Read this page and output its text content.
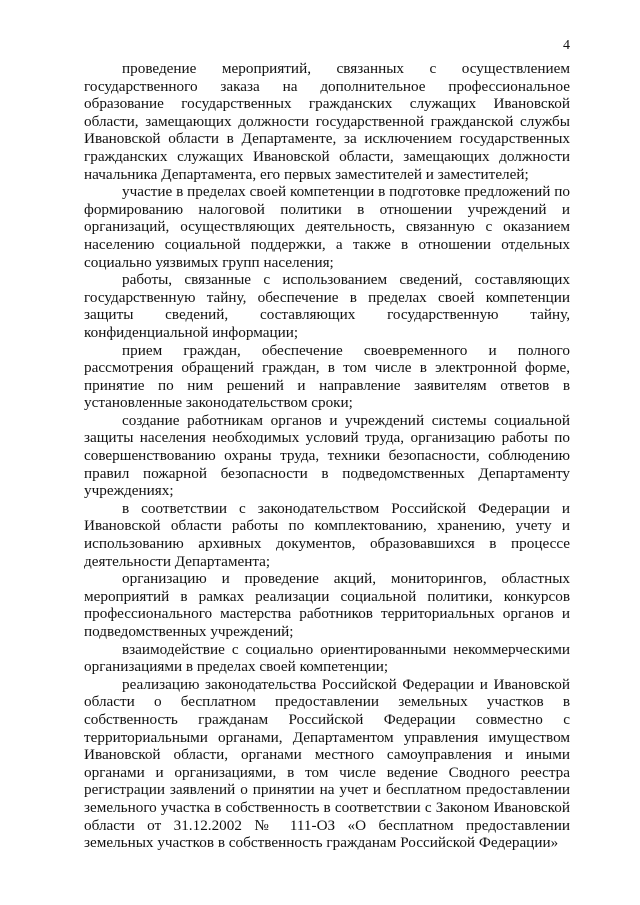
4

проведение мероприятий, связанных с осуществлением государственного заказа на дополнительное профессиональное образование государственных гражданских служащих Ивановской области, замещающих должности государственной гражданской службы Ивановской области в Департаменте, за исключением государственных гражданских служащих Ивановской области, замещающих должности начальника Департамента, его первых заместителей и заместителей;

участие в пределах своей компетенции в подготовке предложений по формированию налоговой политики в отношении учреждений и организаций, осуществляющих деятельность, связанную с оказанием населению социальной поддержки, а также в отношении отдельных социально уязвимых групп населения;

работы, связанные с использованием сведений, составляющих государственную тайну, обеспечение в пределах своей компетенции защиты сведений, составляющих государственную тайну, конфиденциальной информации;

прием граждан, обеспечение своевременного и полного рассмотрения обращений граждан, в том числе в электронной форме, принятие по ним решений и направление заявителям ответов в установленные законодательством сроки;

создание работникам органов и учреждений системы социальной защиты населения необходимых условий труда, организацию работы по совершенствованию охраны труда, техники безопасности, соблюдению правил пожарной безопасности в подведомственных Департаменту учреждениях;

в соответствии с законодательством Российской Федерации и Ивановской области работы по комплектованию, хранению, учету и использованию архивных документов, образовавшихся в процессе деятельности Департамента;

организацию и проведение акций, мониторингов, областных мероприятий в рамках реализации социальной политики, конкурсов профессионального мастерства работников территориальных органов и подведомственных учреждений;

взаимодействие с социально ориентированными некоммерческими организациями в пределах своей компетенции;

реализацию законодательства Российской Федерации и Ивановской области о бесплатном предоставлении земельных участков в собственность гражданам Российской Федерации совместно с территориальными органами, Департаментом управления имуществом Ивановской области, органами местного самоуправления и иными органами и организациями, в том числе ведение Сводного реестра регистрации заявлений о принятии на учет и бесплатном предоставлении земельного участка в собственность в соответствии с Законом Ивановской области от 31.12.2002 № 111-ОЗ «О бесплатном предоставлении земельных участков в собственность гражданам Российской Федерации»
